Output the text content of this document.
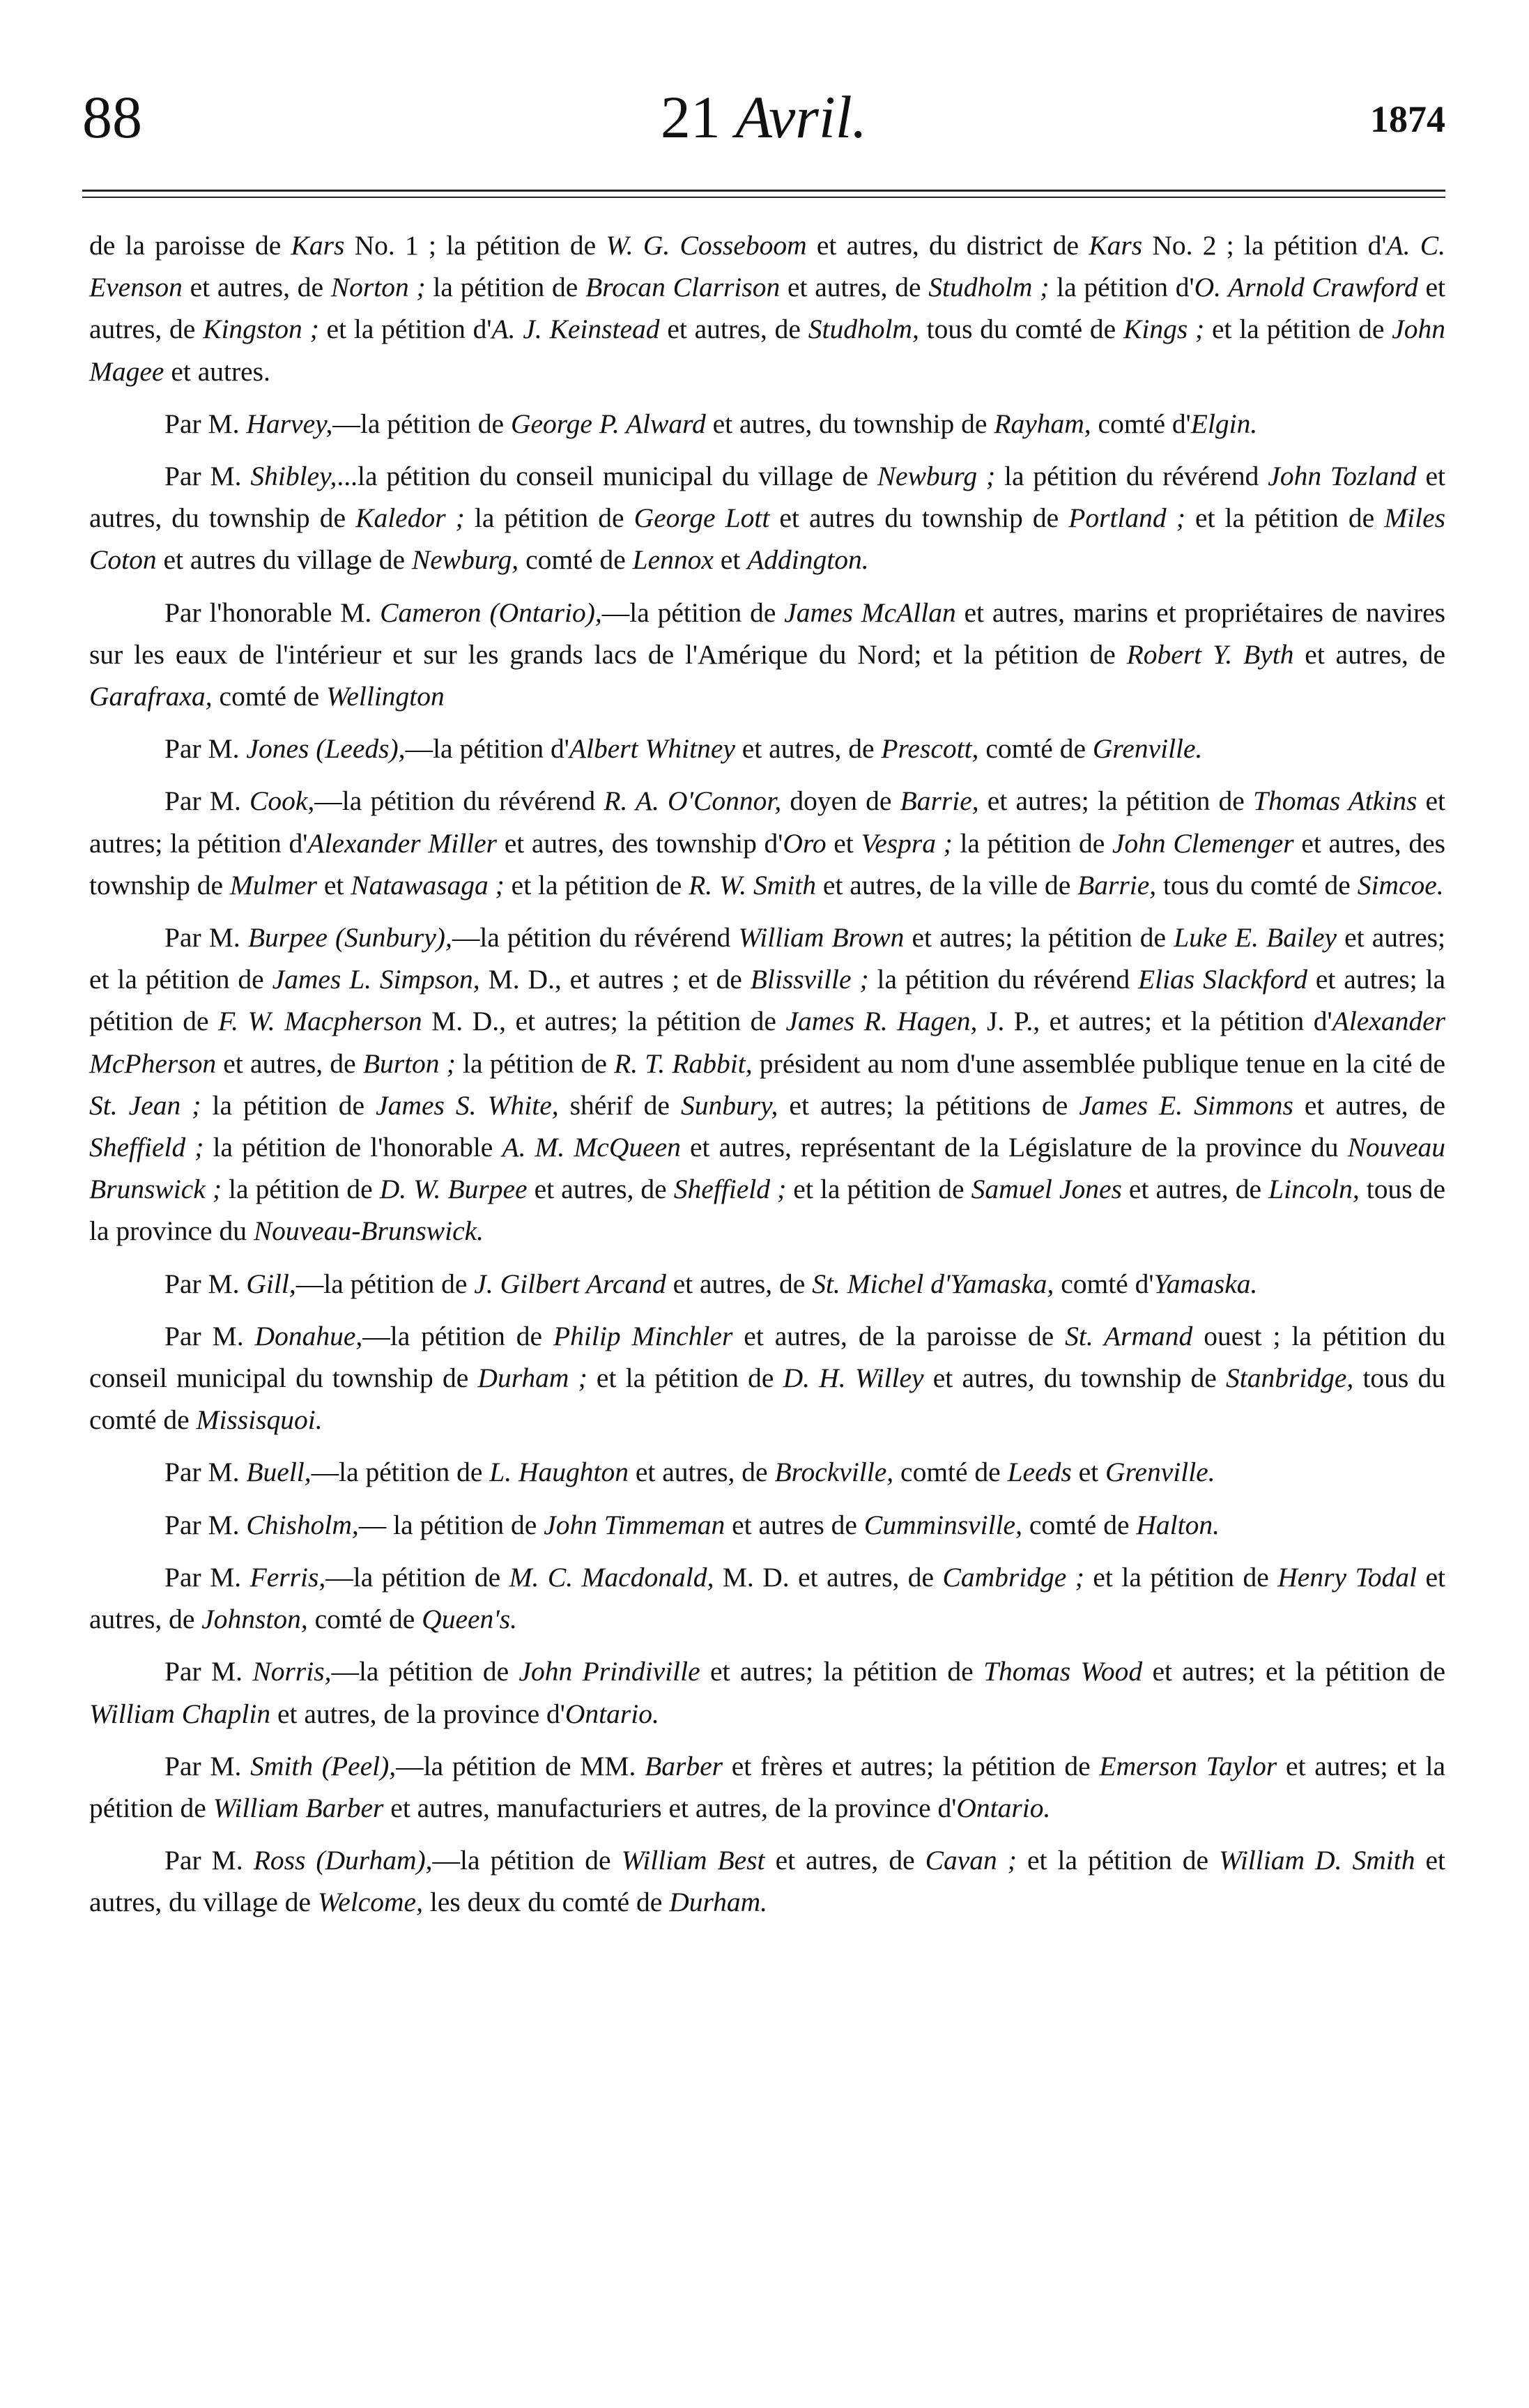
88	21 Avril.	1874

de la paroisse de Kars No. 1 ; la pétition de W. G. Cosseboom et autres, du district de Kars No. 2 ; la pétition d'A. C. Evenson et autres, de Norton ; la pétition de Brocan Clarrison et autres, de Studholm ; la pétition d'O. Arnold Crawford et autres, de Kingston ; et la pétition d'A. J. Keinstead et autres, de Studholm, tous du comté de Kings ; et la pétition de John Magee et autres.

Par M. Harvey,—la pétition de George P. Alward et autres, du township de Rayham, comté d'Elgin.

Par M. Shibley,...la pétition du conseil municipal du village de Newburg ; la pétition du révérend John Tozland et autres, du township de Kaledor ; la pétition de George Lott et autres du township de Portland ; et la pétition de Miles Coton et autres du village de Newburg, comté de Lennox et Addington.

Par l'honorable M. Cameron (Ontario),—la pétition de James McAllan et autres, marins et propriétaires de navires sur les eaux de l'intérieur et sur les grands lacs de l'Amérique du Nord; et la pétition de Robert Y. Byth et autres, de Garafraxa, comté de Wellington

Par M. Jones (Leeds),—la pétition d'Albert Whitney et autres, de Prescott, comté de Grenville.

Par M. Cook,—la pétition du révérend R. A. O'Connor, doyen de Barrie, et autres; la pétition de Thomas Atkins et autres; la pétition d'Alexander Miller et autres, des township d'Oro et Vespra ; la pétition de John Clemenger et autres, des township de Mulmer et Natawasaga ; et la pétition de R. W. Smith et autres, de la ville de Barrie, tous du comté de Simcoe.

Par M. Burpee (Sunbury),—la pétition du révérend William Brown et autres; la pétition de Luke E. Bailey et autres; et la pétition de James L. Simpson, M. D., et autres ; et de Blissville ; la pétition du révérend Elias Slackford et autres; la pétition de F. W. Macpherson M. D., et autres; la pétition de James R. Hagen, J. P., et autres; et la pétition d'Alexander McPherson et autres, de Burton ; la pétition de R. T. Rabbit, président au nom d'une assemblée publique tenue en la cité de St. Jean ; la pétition de James S. White, shérif de Sunbury, et autres; la pétitions de James E. Simmons et autres, de Sheffield ; la pétition de l'honorable A. M. McQueen et autres, représentant de la Législature de la province du Nouveau Brunswick ; la pétition de D. W. Burpee et autres, de Sheffield ; et la pétition de Samuel Jones et autres, de Lincoln, tous de la province du Nouveau-Brunswick.

Par M. Gill,—la pétition de J. Gilbert Arcand et autres, de St. Michel d'Yamaska, comté d'Yamaska.

Par M. Donahue,—la pétition de Philip Minchler et autres, de la paroisse de St. Armand ouest ; la pétition du conseil municipal du township de Durham ; et la pétition de D. H. Willey et autres, du township de Stanbridge, tous du comté de Missisquoi.

Par M. Buell,—la pétition de L. Haughton et autres, de Brockville, comté de Leeds et Grenville.

Par M. Chisholm,— la pétition de John Timmeman et autres de Cumminsville, comté de Halton.

Par M. Ferris,—la pétition de M. C. Macdonald, M. D. et autres, de Cambridge ; et la pétition de Henry Todal et autres, de Johnston, comté de Queen's.

Par M. Norris,—la pétition de John Prindiville et autres; la pétition de Thomas Wood et autres; et la pétition de William Chaplin et autres, de la province d'Ontario.

Par M. Smith (Peel),—la pétition de MM. Barber et frères et autres; la pétition de Emerson Taylor et autres; et la pétition de William Barber et autres, manufacturiers et autres, de la province d'Ontario.

Par M. Ross (Durham),—la pétition de William Best et autres, de Cavan ; et la pétition de William D. Smith et autres, du village de Welcome, les deux du comté de Durham.
